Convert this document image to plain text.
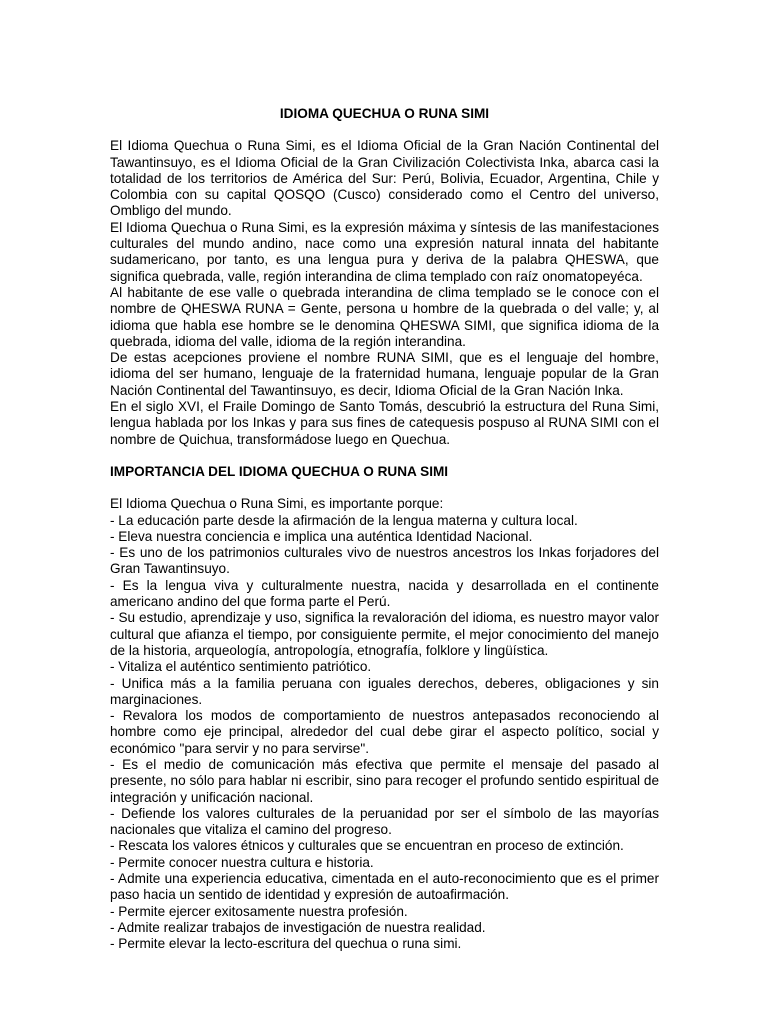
IDIOMA QUECHUA O RUNA SIMI

El Idioma Quechua o Runa Simi, es el Idioma Oficial de la Gran Nación Continental del Tawantinsuyo, es el Idioma Oficial de la Gran Civilización Colectivista Inka, abarca casi la totalidad de los territorios de América del Sur: Perú, Bolivia, Ecuador, Argentina, Chile y Colombia con su capital QOSQO (Cusco) considerado como el Centro del universo, Ombligo del mundo.

El Idioma Quechua o Runa Simi, es la expresión máxima y síntesis de las manifestaciones culturales del mundo andino, nace como una expresión natural innata del habitante sudamericano, por tanto, es una lengua pura y deriva de la palabra QHESWA, que significa quebrada, valle, región interandina de clima templado con raíz onomatopeyéca.

Al habitante de ese valle o quebrada interandina de clima templado se le conoce con el nombre de QHESWA RUNA = Gente, persona u hombre de la quebrada o del valle; y, al idioma que habla ese hombre se le denomina QHESWA SIMI, que significa idioma de la quebrada, idioma del valle, idioma de la región interandina.

De estas acepciones proviene el nombre RUNA SIMI, que es el lenguaje del hombre, idioma del ser humano, lenguaje de la fraternidad humana, lenguaje popular de la Gran Nación Continental del Tawantinsuyo, es decir, Idioma Oficial de la Gran Nación Inka.

En el siglo XVI, el Fraile Domingo de Santo Tomás, descubrió la estructura del Runa Simi, lengua hablada por los Inkas y para sus fines de catequesis pospuso al RUNA SIMI con el nombre de Quichua, transformádose luego en Quechua.

IMPORTANCIA DEL IDIOMA QUECHUA O RUNA SIMI

El Idioma Quechua o Runa Simi, es importante porque:

- La educación parte desde la afirmación de la lengua materna y cultura local.
- Eleva nuestra conciencia e implica una auténtica Identidad Nacional.
- Es uno de los patrimonios culturales vivo de nuestros ancestros los Inkas forjadores del Gran Tawantinsuyo.
- Es la lengua viva y culturalmente nuestra, nacida y desarrollada en el continente americano andino del que forma parte el Perú.
- Su estudio, aprendizaje y uso, significa la revaloración del idioma, es nuestro mayor valor cultural que afianza el tiempo, por consiguiente permite, el mejor conocimiento del manejo de la historia, arqueología, antropología, etnografía, folklore y lingüística.
- Vitaliza el auténtico sentimiento patriótico.
- Unifica más a la familia peruana con iguales derechos, deberes, obligaciones y sin marginaciones.
- Revalora los modos de comportamiento de nuestros antepasados reconociendo al hombre como eje principal, alrededor del cual debe girar el aspecto político, social y económico "para servir y no para servirse".
- Es el medio de comunicación más efectiva que permite el mensaje del pasado al presente, no sólo para hablar ni escribir, sino para recoger el profundo sentido espiritual de integración y unificación nacional.
- Defiende los valores culturales de la peruanidad por ser el símbolo de las mayorías nacionales que vitaliza el camino del progreso.
- Rescata los valores étnicos y culturales que se encuentran en proceso de extinción.
- Permite conocer nuestra cultura e historia.
- Admite una experiencia educativa, cimentada en el auto-reconocimiento que es el primer paso hacia un sentido de identidad y expresión de autoafirmación.
- Permite ejercer exitosamente nuestra profesión.
- Admite realizar trabajos de investigación de nuestra realidad.
- Permite elevar la lecto-escritura del quechua o runa simi.
